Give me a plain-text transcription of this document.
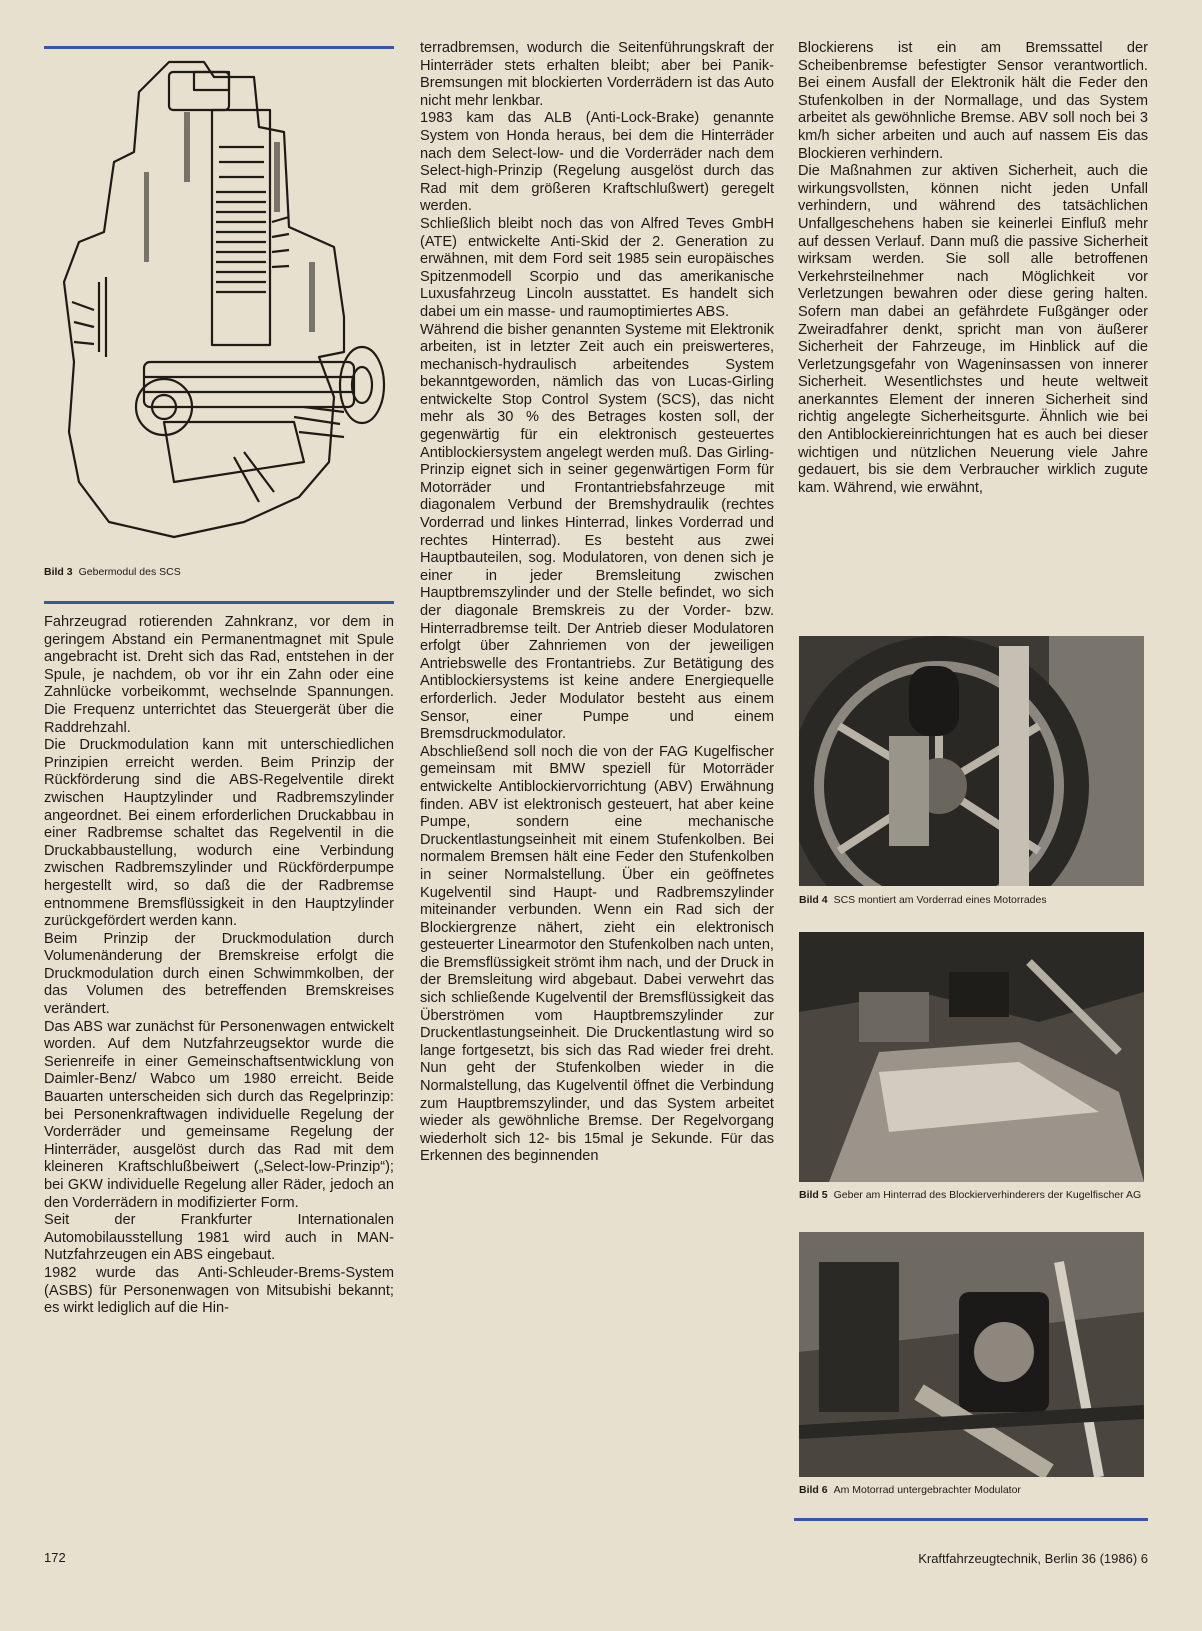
Bild 3 Gebermodul des SCS

Fahrzeugrad rotierenden Zahnkranz, vor dem in geringem Abstand ein Permanentmagnet mit Spule angebracht ist. Dreht sich das Rad, entstehen in der Spule, je nachdem, ob vor ihr ein Zahn oder eine Zahnlücke vorbeikommt, wechselnde Spannungen. Die Frequenz unterrichtet das Steuergerät über die Raddrehzahl.

Die Druckmodulation kann mit unterschiedlichen Prinzipien erreicht werden. Beim Prinzip der Rückförderung sind die ABS-Regelventile direkt zwischen Hauptzylinder und Radbremszylinder angeordnet. Bei einem erforderlichen Druckabbau in einer Radbremse schaltet das Regelventil in die Druckabbaustellung, wodurch eine Verbindung zwischen Radbremszylinder und Rückförderpumpe hergestellt wird, so daß die der Radbremse entnommene Bremsflüssigkeit in den Hauptzylinder zurückgefördert werden kann.

Beim Prinzip der Druckmodulation durch Volumenänderung der Bremskreise erfolgt die Druckmodulation durch einen Schwimmkolben, der das Volumen des betreffenden Bremskreises verändert.

Das ABS war zunächst für Personenwagen entwickelt worden. Auf dem Nutzfahrzeugsektor wurde die Serienreife in einer Gemeinschaftsentwicklung von Daimler-Benz/ Wabco um 1980 erreicht. Beide Bauarten unterscheiden sich durch das Regelprinzip: bei Personenkraftwagen individuelle Regelung der Vorderräder und gemeinsame Regelung der Hinterräder, ausgelöst durch das Rad mit dem kleineren Kraftschlußbeiwert („Select-low-Prinzip“); bei GKW individuelle Regelung aller Räder, jedoch an den Vorderrädern in modifizierter Form.

Seit der Frankfurter Internationalen Automobilausstellung 1981 wird auch in MAN-Nutzfahrzeugen ein ABS eingebaut.

1982 wurde das Anti-Schleuder-Brems-System (ASBS) für Personenwagen von Mitsubishi bekannt; es wirkt lediglich auf die Hin-

terradbremsen, wodurch die Seitenführungskraft der Hinterräder stets erhalten bleibt; aber bei Panik-Bremsungen mit blockierten Vorderrädern ist das Auto nicht mehr lenkbar.

1983 kam das ALB (Anti-Lock-Brake) genannte System von Honda heraus, bei dem die Hinterräder nach dem Select-low- und die Vorderräder nach dem Select-high-Prinzip (Regelung ausgelöst durch das Rad mit dem größeren Kraftschlußwert) geregelt werden.

Schließlich bleibt noch das von Alfred Teves GmbH (ATE) entwickelte Anti-Skid der 2. Generation zu erwähnen, mit dem Ford seit 1985 sein europäisches Spitzenmodell Scorpio und das amerikanische Luxusfahrzeug Lincoln ausstattet. Es handelt sich dabei um ein masse- und raumoptimiertes ABS.

Während die bisher genannten Systeme mit Elektronik arbeiten, ist in letzter Zeit auch ein preiswerteres, mechanisch-hydraulisch arbeitendes System bekanntgeworden, nämlich das von Lucas-Girling entwickelte Stop Control System (SCS), das nicht mehr als 30 % des Betrages kosten soll, der gegenwärtig für ein elektronisch gesteuertes Antiblockiersystem angelegt werden muß. Das Girling-Prinzip eignet sich in seiner gegenwärtigen Form für Motorräder und Frontantriebsfahrzeuge mit diagonalem Verbund der Bremshydraulik (rechtes Vorderrad und linkes Hinterrad, linkes Vorderrad und rechtes Hinterrad). Es besteht aus zwei Hauptbauteilen, sog. Modulatoren, von denen sich je einer in jeder Bremsleitung zwischen Hauptbremszylinder und der Stelle befindet, wo sich der diagonale Bremskreis zu der Vorder- bzw. Hinterradbremse teilt. Der Antrieb dieser Modulatoren erfolgt über Zahnriemen von der jeweiligen Antriebswelle des Frontantriebs. Zur Betätigung des Antiblockiersystems ist keine andere Energiequelle erforderlich. Jeder Modulator besteht aus einem Sensor, einer Pumpe und einem Bremsdruckmodulator.

Abschließend soll noch die von der FAG Kugelfischer gemeinsam mit BMW speziell für Motorräder entwickelte Antiblockiervorrichtung (ABV) Erwähnung finden. ABV ist elektronisch gesteuert, hat aber keine Pumpe, sondern eine mechanische Druckentlastungseinheit mit einem Stufenkolben. Bei normalem Bremsen hält eine Feder den Stufenkolben in seiner Normalstellung. Über ein geöffnetes Kugelventil sind Haupt- und Radbremszylinder miteinander verbunden. Wenn ein Rad sich der Blockiergrenze nähert, zieht ein elektronisch gesteuerter Linearmotor den Stufenkolben nach unten, die Bremsflüssigkeit strömt ihm nach, und der Druck in der Bremsleitung wird abgebaut. Dabei verwehrt das sich schließende Kugelventil der Bremsflüssigkeit das Überströmen vom Hauptbremszylinder zur Druckentlastungseinheit. Die Druckentlastung wird so lange fortgesetzt, bis sich das Rad wieder frei dreht. Nun geht der Stufenkolben wieder in die Normalstellung, das Kugelventil öffnet die Verbindung zum Hauptbremszylinder, und das System arbeitet wieder als gewöhnliche Bremse. Der Regelvorgang wiederholt sich 12- bis 15mal je Sekunde. Für das Erkennen des beginnenden

Blockierens ist ein am Bremssattel der Scheibenbremse befestigter Sensor verantwortlich. Bei einem Ausfall der Elektronik hält die Feder den Stufenkolben in der Normallage, und das System arbeitet als gewöhnliche Bremse. ABV soll noch bei 3 km/h sicher arbeiten und auch auf nassem Eis das Blockieren verhindern.

Die Maßnahmen zur aktiven Sicherheit, auch die wirkungsvollsten, können nicht jeden Unfall verhindern, und während des tatsächlichen Unfallgeschehens haben sie keinerlei Einfluß mehr auf dessen Verlauf. Dann muß die passive Sicherheit wirksam werden. Sie soll alle betroffenen Verkehrsteilnehmer nach Möglichkeit vor Verletzungen bewahren oder diese gering halten. Sofern man dabei an gefährdete Fußgänger oder Zweiradfahrer denkt, spricht man von äußerer Sicherheit der Fahrzeuge, im Hinblick auf die Verletzungsgefahr von Wageninsassen von innerer Sicherheit. Wesentlichstes und heute weltweit anerkanntes Element der inneren Sicherheit sind richtig angelegte Sicherheitsgurte. Ähnlich wie bei den Antiblockiereinrichtungen hat es auch bei dieser wichtigen und nützlichen Neuerung viele Jahre gedauert, bis sie dem Verbraucher wirklich zugute kam. Während, wie erwähnt,

Bild 4 SCS montiert am Vorderrad eines Motorrades
Bild 5 Geber am Hinterrad des Blockierverhinderers der Kugelfischer AG
Bild 6 Am Motorrad untergebrachter Modulator
172	Kraftfahrzeugtechnik, Berlin 36 (1986) 6
